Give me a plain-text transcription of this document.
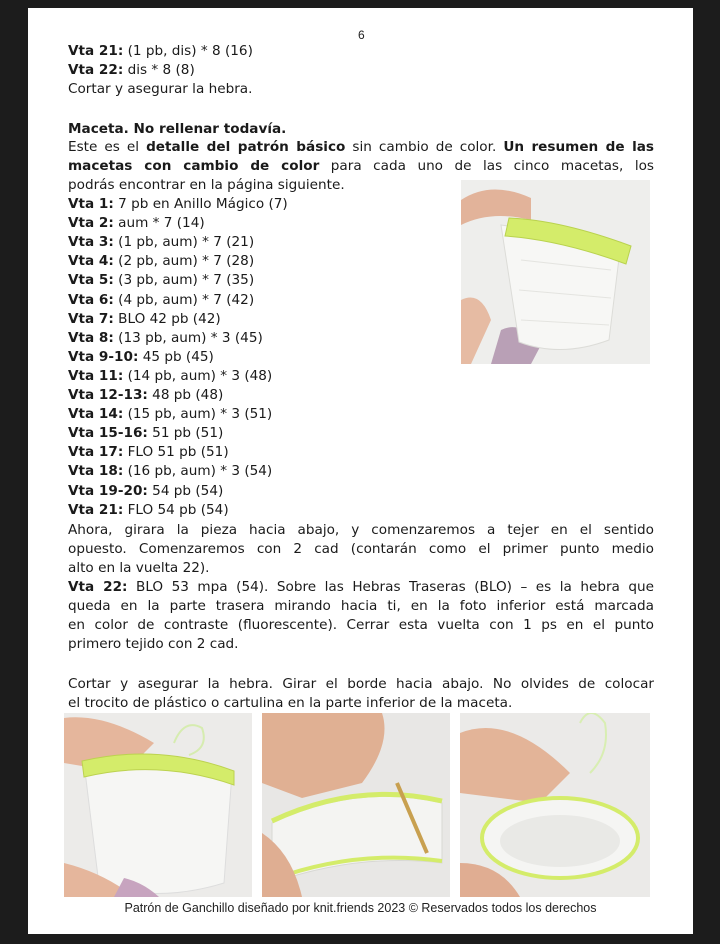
6
Vta 21: (1 pb, dis) * 8 (16)
Vta 22: dis * 8 (8)
Cortar y asegurar la hebra.
Maceta. No rellenar todavía.
Este es el detalle del patrón básico sin cambio de color. Un resumen de las
macetas con cambio de color para cada uno de las cinco macetas, los
podrás encontrar en la página siguiente.
Vta 1: 7 pb en Anillo Mágico (7)
Vta 2: aum * 7 (14)
Vta 3: (1 pb, aum) * 7 (21)
Vta 4: (2 pb, aum) * 7 (28)
Vta 5: (3 pb, aum) * 7 (35)
Vta 6: (4 pb, aum) * 7 (42)
Vta 7: BLO 42 pb (42)
Vta 8: (13 pb, aum) * 3 (45)
Vta 9-10: 45 pb (45)
Vta 11: (14 pb, aum) * 3 (48)
Vta 12-13: 48 pb (48)
Vta 14: (15 pb, aum) * 3 (51)
Vta 15-16: 51 pb (51)
Vta 17: FLO 51 pb (51)
Vta 18: (16 pb, aum) * 3 (54)
Vta 19-20: 54 pb (54)
Vta 21: FLO 54 pb (54)
Ahora, girara la pieza hacia abajo, y comenzaremos a tejer en el sentido
opuesto. Comenzaremos con 2 cad (contarán como el primer punto medio
alto en la vuelta 22).
Vta 22: BLO 53 mpa (54). Sobre las Hebras Traseras (BLO) – es la hebra que
queda en la parte trasera mirando hacia ti, en la foto inferior está marcada
en color de contraste (fluorescente). Cerrar esta vuelta con 1 ps en el punto
primero tejido con 2 cad.
Cortar y asegurar la hebra. Girar el borde hacia abajo. No olvides de colocar
el trocito de plástico o cartulina en la parte inferior de la maceta.
Patrón de Ganchillo diseñado por knit.friends 2023 © Reservados todos los derechos
